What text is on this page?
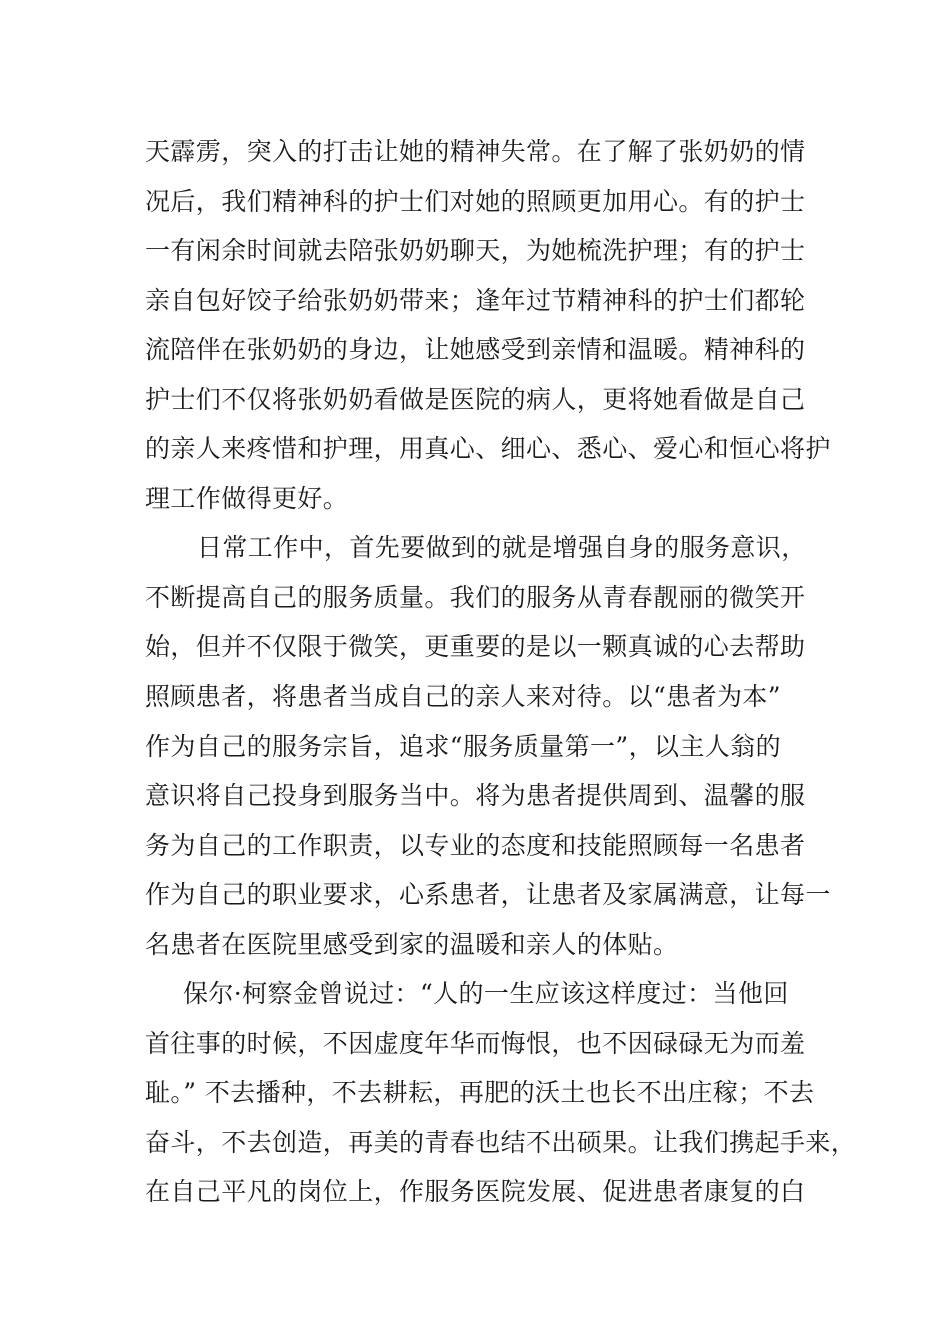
天霹雳，突入的打击让她的精神失常。在了解了张奶奶的情
况后，我们精神科的护士们对她的照顾更加用心。有的护士
一有闲余时间就去陪张奶奶聊天，为她梳洗护理；有的护士
亲自包好饺子给张奶奶带来；逢年过节精神科的护士们都轮
流陪伴在张奶奶的身边，让她感受到亲情和温暖。精神科的
护士们不仅将张奶奶看做是医院的病人，更将她看做是自己
的亲人来疼惜和护理，用真心、细心、悉心、爱心和恒心将护
理工作做得更好。
日常工作中，首先要做到的就是增强自身的服务意识，
不断提高自己的服务质量。我们的服务从青春靓丽的微笑开
始，但并不仅限于微笑，更重要的是以一颗真诚的心去帮助
照顾患者，将患者当成自己的亲人来对待。以“患者为本”
作为自己的服务宗旨，追求“服务质量第一”，以主人翁的
意识将自己投身到服务当中。将为患者提供周到、温馨的服
务为自己的工作职责，以专业的态度和技能照顾每一名患者
作为自己的职业要求，心系患者，让患者及家属满意，让每一
名患者在医院里感受到家的温暖和亲人的体贴。
保尔·柯察金曾说过：“人的一生应该这样度过：当他回
首往事的时候，不因虚度年华而悔恨，也不因碌碌无为而羞
耻。” 不去播种，不去耕耘，再肥的沃土也长不出庄稼；不去
奋斗，不去创造，再美的青春也结不出硕果。让我们携起手来，
在自己平凡的岗位上，作服务医院发展、促进患者康复的白
